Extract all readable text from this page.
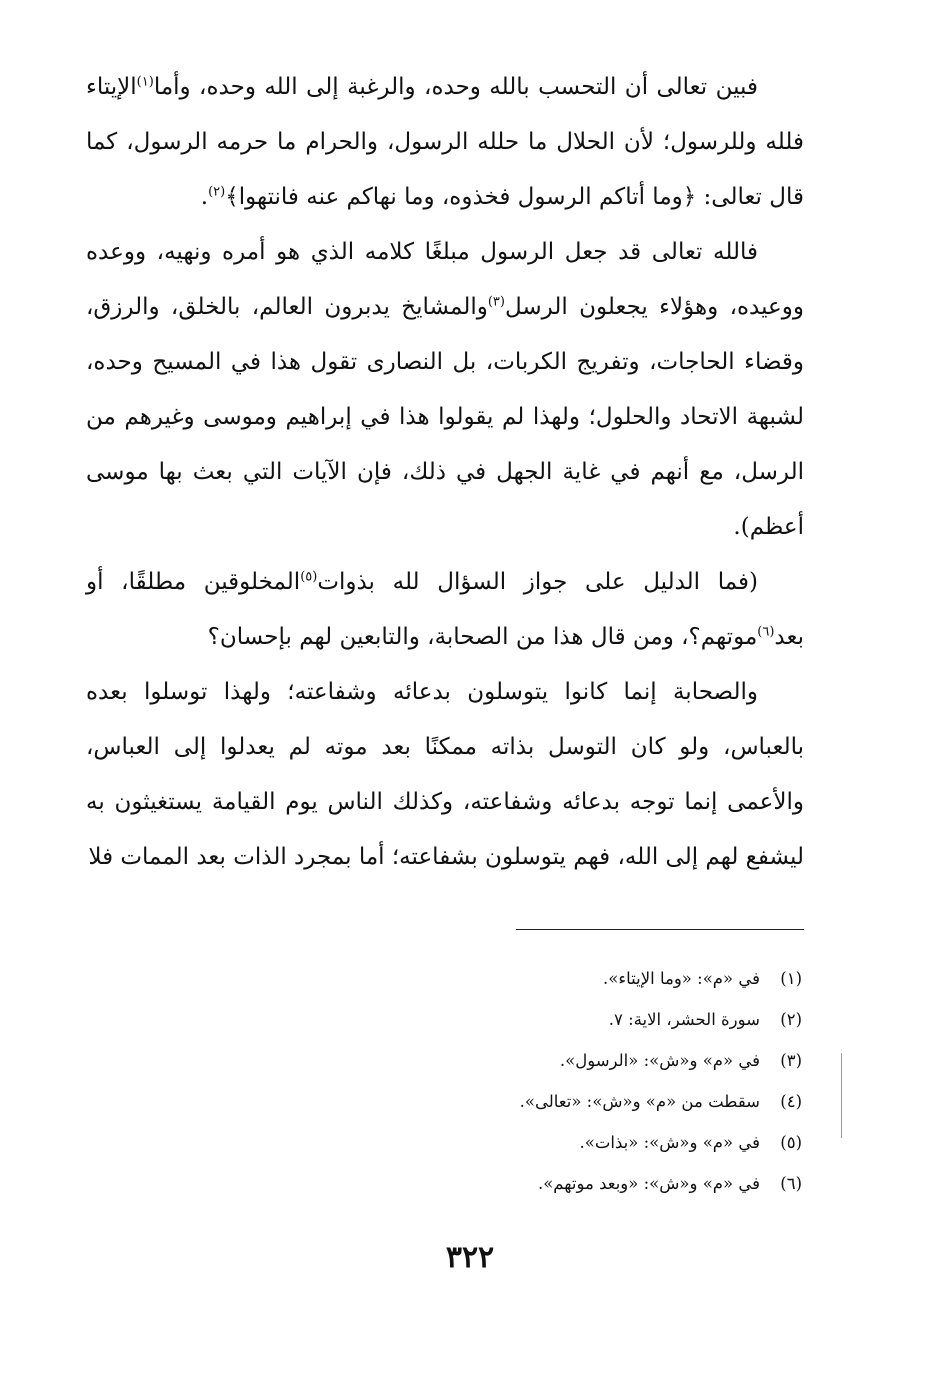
فبين تعالى أن التحسب بالله وحده، والرغبة إلى الله وحده، وأما$^{(١)}$الإيتاء فلله وللرسول؛ لأن الحلال ما حلله الرسول، والحرام ما حرمه الرسول، كما قال تعالى: ﴿وما أتاكم الرسول فخذوه، وما نهاكم عنه فانتهوا﴾$^{(٢)}$.

فالله تعالى قد جعل الرسول مبلغًا كلامه الذي هو أمره ونهيه، ووعده ووعيده، وهؤلاء يجعلون الرسل$^{(٣)}$والمشايخ يدبرون العالم، بالخلق، والرزق، وقضاء الحاجات، وتفريج الكربات، بل النصارى تقول هذا في المسيح وحده، لشبهة الاتحاد والحلول؛ ولهذا لم يقولوا هذا في إبراهيم وموسى وغيرهم من الرسل، مع أنهم في غاية الجهل في ذلك، فإن الآيات التي بعث بها موسى أعظم).

(فما الدليل على جواز السؤال لله بذوات$^{(٥)}$المخلوقين مطلقًا، أو بعد$^{(٦)}$موتهم؟، ومن قال هذا من الصحابة، والتابعين لهم بإحسان؟

والصحابة إنما كانوا يتوسلون بدعائه وشفاعته؛ ولهذا توسلوا بعده بالعباس، ولو كان التوسل بذاته ممكنًا بعد موته لم يعدلوا إلى العباس، والأعمى إنما توجه بدعائه وشفاعته، وكذلك الناس يوم القيامة يستغيثون به ليشفع لهم إلى الله، فهم يتوسلون بشفاعته؛ أما بمجرد الذات بعد الممات فلا

(١)في «م»: «وما الإيتاء».
(٢)سورة الحشر، الاية: ٧.
(٣)في «م» و«ش»: «الرسول».
(٤)سقطت من «م» و«ش»: «تعالى».
(٥)في «م» و«ش»: «بذات».
(٦)في «م» و«ش»: «وبعد موتهم».
٣٢٢
